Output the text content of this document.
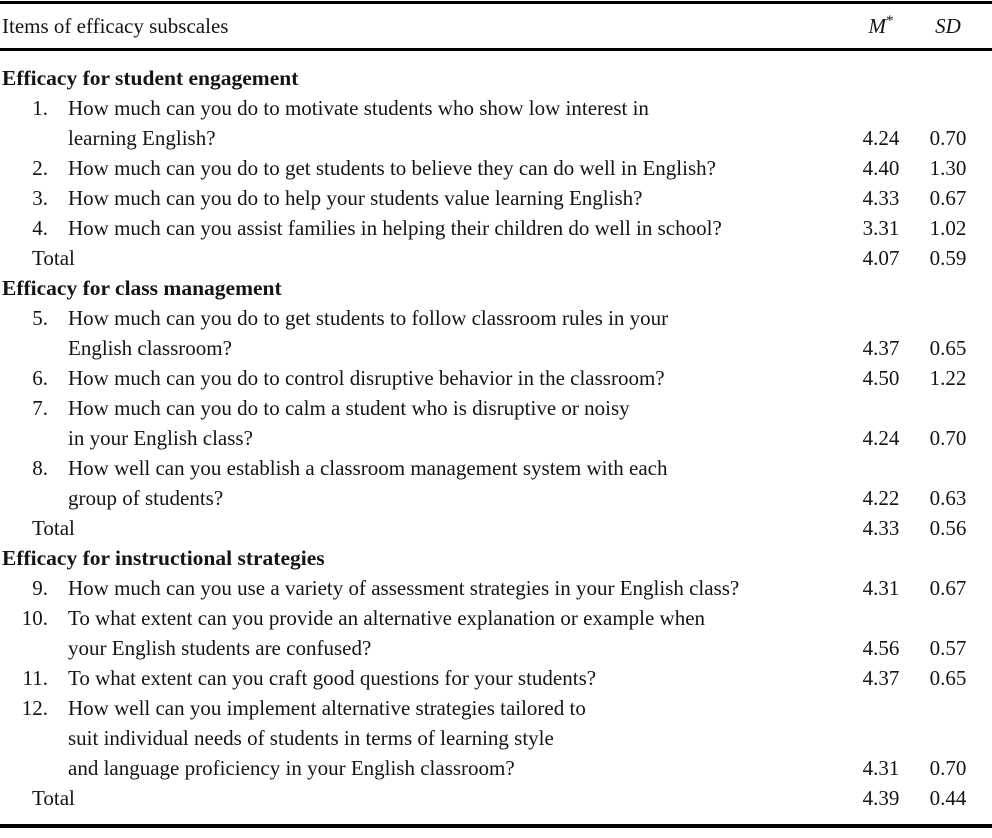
Items of efficacy subscales	M*	SD
Efficacy for student engagement
1. How much can you do to motivate students who show low interest in
learning English?	4.24	0.70
2. How much can you do to get students to believe they can do well in English?	4.40	1.30
3. How much can you do to help your students value learning English?	4.33	0.67
4. How much can you assist families in helping their children do well in school?	3.31	1.02
Total	4.07	0.59
Efficacy for class management
5. How much can you do to get students to follow classroom rules in your
English classroom?	4.37	0.65
6. How much can you do to control disruptive behavior in the classroom?	4.50	1.22
7. How much can you do to calm a student who is disruptive or noisy
in your English class?	4.24	0.70
8. How well can you establish a classroom management system with each
group of students?	4.22	0.63
Total	4.33	0.56
Efficacy for instructional strategies
9. How much can you use a variety of assessment strategies in your English class?	4.31	0.67
10. To what extent can you provide an alternative explanation or example when
your English students are confused?	4.56	0.57
11. To what extent can you craft good questions for your students?	4.37	0.65
12. How well can you implement alternative strategies tailored to
suit individual needs of students in terms of learning style
and language proficiency in your English classroom?	4.31	0.70
Total	4.39	0.44
